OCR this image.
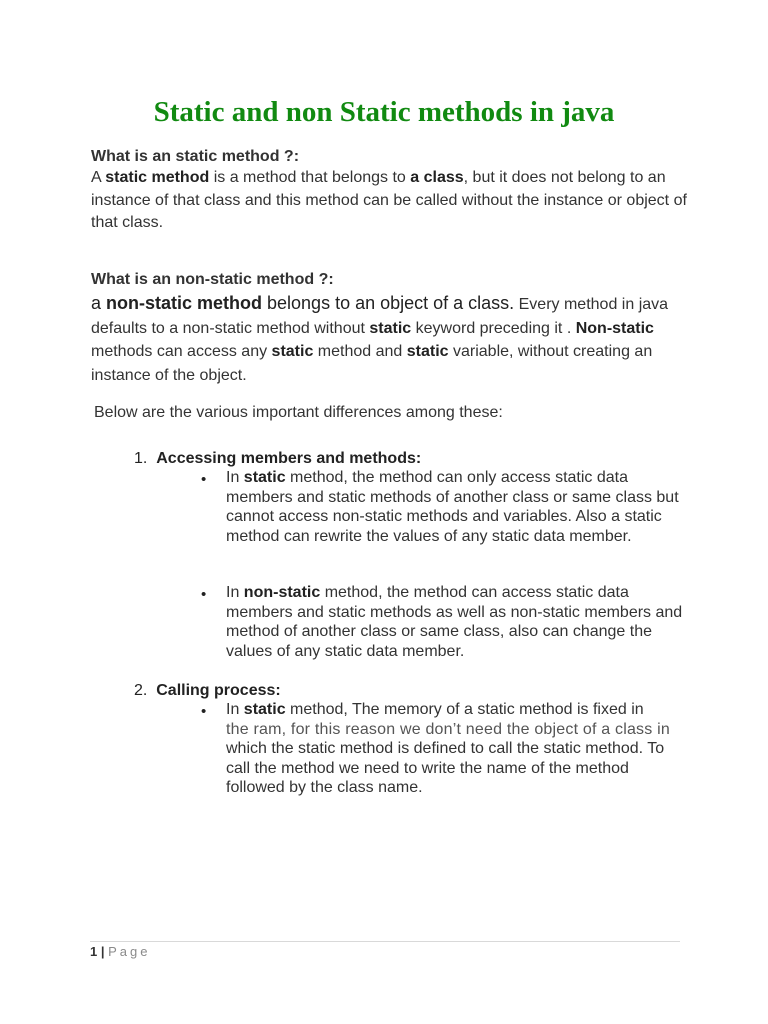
Static and non Static methods in java
What is an static method ?:

A static method is a method that belongs to a class, but it does not belong to an instance of that class and this method can be called without the instance or object of that class.

What is an non-static method ?:

a non-static method belongs to an object of a class. Every method in java defaults to a non-static method without static keyword preceding it . Non-static methods can access any static method and static variable, without creating an instance of the object.

Below are the various important differences among these:

1. Accessing members and methods:
• In static method, the method can only access static data members and static methods of another class or same class but cannot access non-static methods and variables. Also a static method can rewrite the values of any static data member.

• In non-static method, the method can access static data members and static methods as well as non-static members and method of another class or same class, also can change the values of any static data member.

2. Calling process:
• In static method, The memory of a static method is fixed in
the ram, for this reason we don’t need the object of a class in
which the static method is defined to call the static method. To call the method we need to write the name of the method followed by the class name.

1 | Page
